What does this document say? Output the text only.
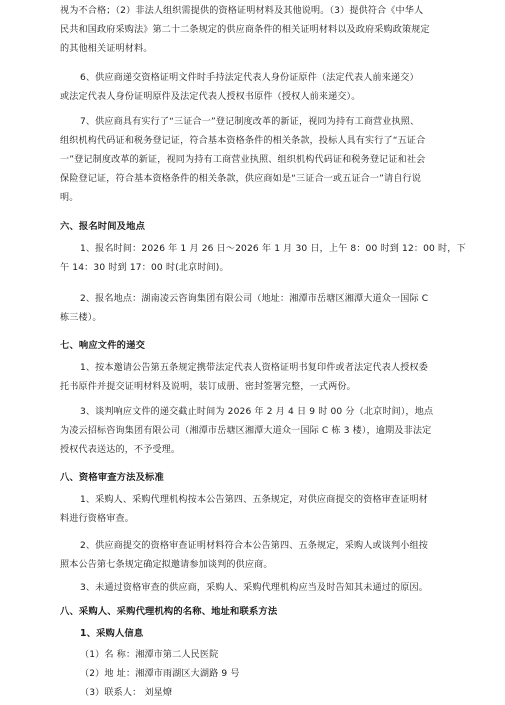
视为不合格；（2）非法人组织需提供的资格证明材料及其他说明。（3）提供符合《中华人
民共和国政府采购法》第二十二条规定的供应商条件的相关证明材料以及政府采购政策规定
的其他相关证明材料。
6、供应商递交资格证明文件时手持法定代表人身份证原件（法定代表人前来递交）
或法定代表人身份证明原件及法定代表人授权书原件（授权人前来递交）。
7、供应商具有实行了“三证合一”登记制度改革的新证，视同为持有工商营业执照、
组织机构代码证和税务登记证，符合基本资格条件的相关条款，投标人具有实行了“五证合
一”登记制度改革的新证，视同为持有工商营业执照、组织机构代码证和税务登记证和社会
保险登记证，符合基本资格条件的相关条款，供应商如是“三证合一或五证合一”请自行说
明。
六、报名时间及地点
1、报名时间：2026 年 1 月 26 日～2026 年 1 月 30 日，上午 8：00 时到 12：00 时，下
午 14：30 时到 17：00 时(北京时间)。
2、报名地点：湖南凌云咨询集团有限公司（地址：湘潭市岳塘区湘潭大道众一国际 C
栋三楼）。
七、响应文件的递交
1、按本邀请公告第五条规定携带法定代表人资格证明书复印件或者法定代表人授权委
托书原件并提交证明材料及说明，装订成册、密封签署完整，一式两份。
3、谈判响应文件的递交截止时间为 2026 年 2 月 4 日 9 时 00 分（北京时间），地点
为凌云招标咨询集团有限公司（湘潭市岳塘区湘潭大道众一国际 C 栋 3 楼），逾期及非法定
授权代表送达的，不予受理。
八、资格审查方法及标准
1、采购人、采购代理机构按本公告第四、五条规定，对供应商提交的资格审查证明材
料进行资格审查。
2、供应商提交的资格审查证明材料符合本公告第四、五条规定，采购人或谈判小组按
照本公告第七条规定确定拟邀请参加谈判的供应商。
3、未通过资格审查的供应商，采购人、采购代理机构应当及时告知其未通过的原因。
八、采购人、采购代理机构的名称、地址和联系方法
1、采购人信息
（1）名 称：湘潭市第二人民医院
（2）地 址：湘潭市雨湖区大湖路 9 号
（3）联系人： 刘星燎
